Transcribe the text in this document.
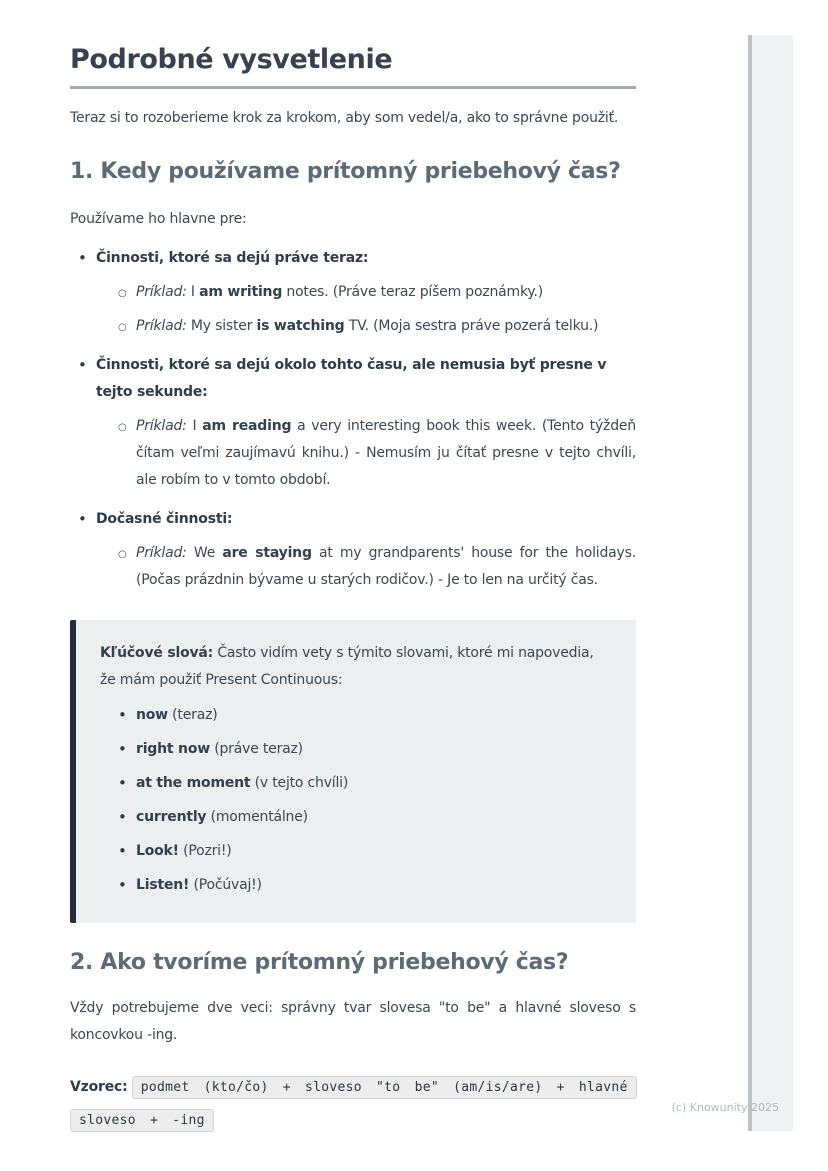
Podrobné vysvetlenie

Teraz si to rozoberieme krok za krokom, aby som vedel/a, ako to správne použiť.

1. Kedy používame prítomný priebehový čas?

Používame ho hlavne pre:

• Činnosti, ktoré sa dejú práve teraz:
○ Príklad: I am writing notes. (Práve teraz píšem poznámky.)
○ Príklad: My sister is watching TV. (Moja sestra práve pozerá telku.)
• Činnosti, ktoré sa dejú okolo tohto času, ale nemusia byť presne v tejto sekunde:
○ Príklad: I am reading a very interesting book this week. (Tento týždeň čítam veľmi zaujímavú knihu.) - Nemusím ju čítať presne v tejto chvíli, ale robím to v tomto období.
• Dočasné činnosti:
○ Príklad: We are staying at my grandparents' house for the holidays. (Počas prázdnin bývame u starých rodičov.) - Je to len na určitý čas.

Kľúčové slová: Často vidím vety s týmito slovami, ktoré mi napovedia, že mám použiť Present Continuous:

• now (teraz)
• right now (práve teraz)
• at the moment (v tejto chvíli)
• currently (momentálne)
• Look! (Pozri!)
• Listen! (Počúvaj!)
2. Ako tvoríme prítomný priebehový čas?

Vždy potrebujeme dve veci: správny tvar slovesa "to be" a hlavné sloveso s koncovkou -ing.

Vzorec: podmet (kto/čo) + sloveso "to be" (am/is/are) + hlavné sloveso + -ing

(c) Knowunity 2025
